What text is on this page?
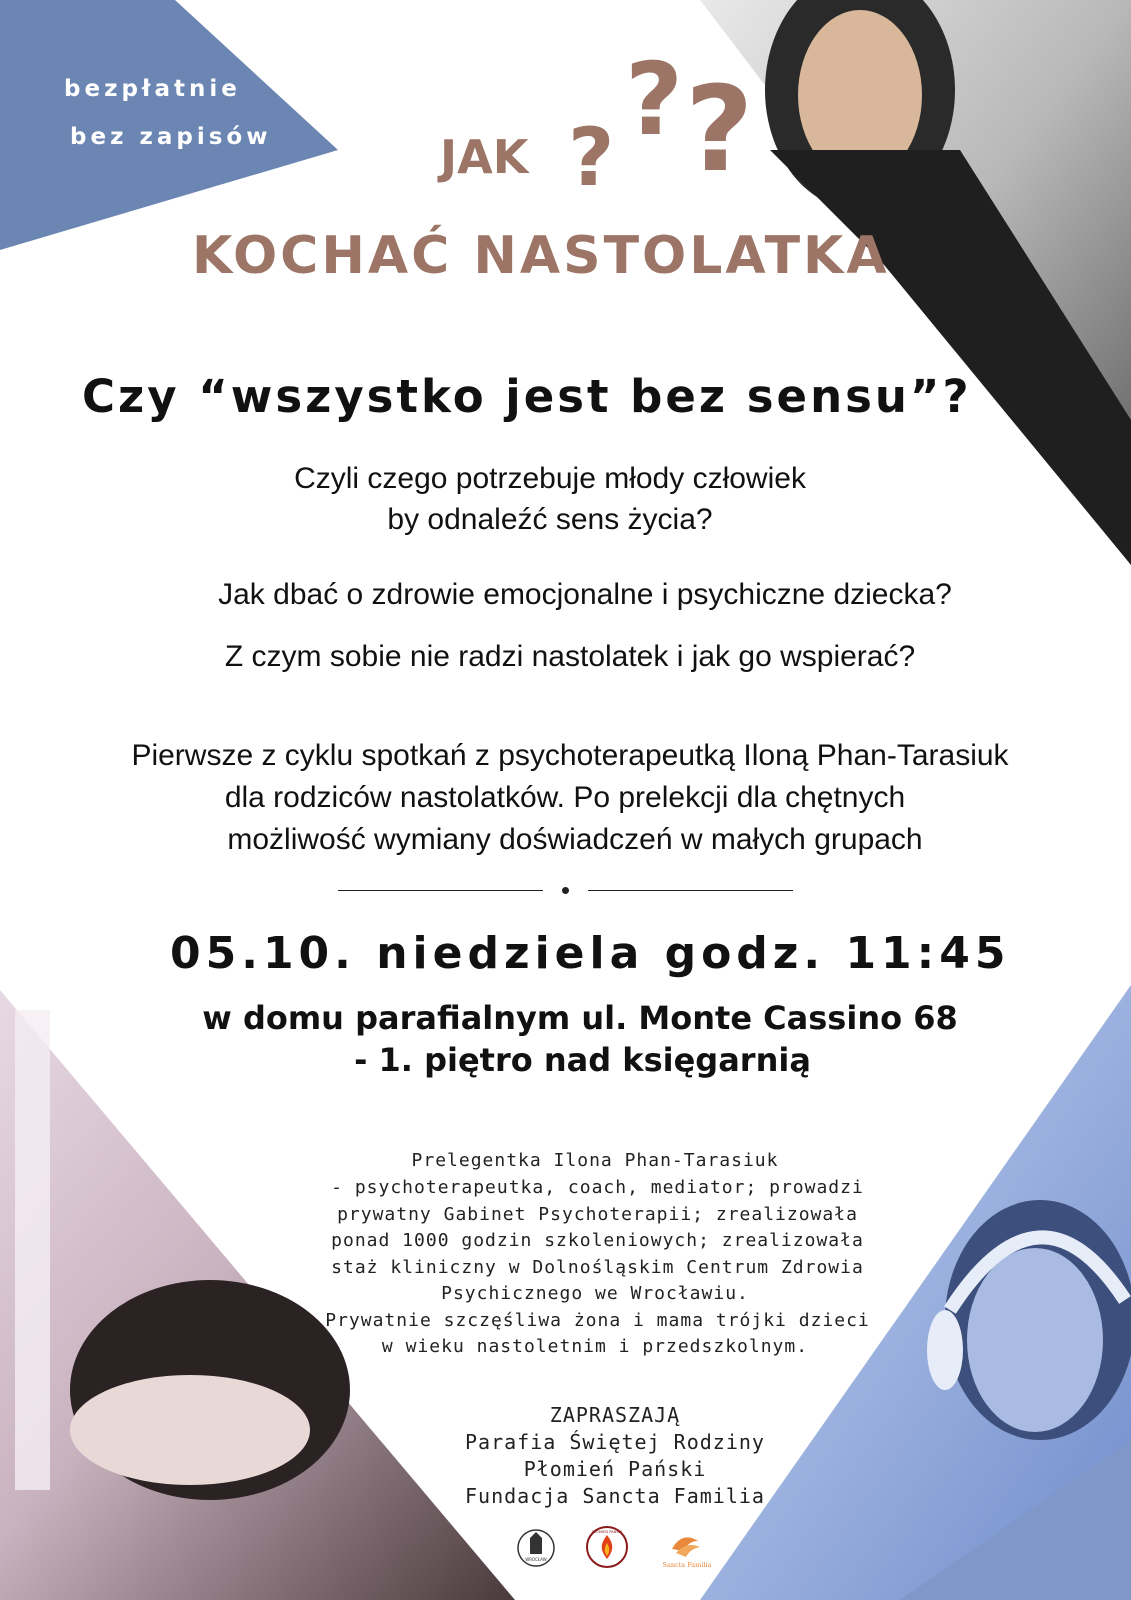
bezpłatnie
bez zapisów	JAK ? ? ?
KOCHAĆ NASTOLATKA
Czy “wszystko jest bez sensu”?
Czyli czego potrzebuje młody człowiek
by odnaleźć sens życia?
Jak dbać o zdrowie emocjonalne i psychiczne dziecka?
Z czym sobie nie radzi nastolatek i jak go wspierać?
Pierwsze z cyklu spotkań z psychoterapeutką Iloną Phan-Tarasiuk
dla rodziców nastolatków. Po prelekcji dla chętnych
możliwość wymiany doświadczeń w małych grupach
05.10. niedziela godz. 11:45
w domu parafialnym ul. Monte Cassino 68
- 1. piętro nad księgarnią
Prelegentka Ilona Phan-Tarasiuk
- psychoterapeutka, coach, mediator; prowadzi
prywatny Gabinet Psychoterapii; zrealizowała
ponad 1000 godzin szkoleniowych; zrealizowała
staż kliniczny w Dolnośląskim Centrum Zdrowia
Psychicznego we Wrocławiu.
Prywatnie szczęśliwa żona i mama trójki dzieci
w wieku nastoletnim i przedszkolnym.
ZAPRASZAJĄ
Parafia Świętej Rodziny
Płomień Pański
Fundacja Sancta Familia
WROCŁAW
PŁOMIEŃ PAŃSKI
Sancta Familia
